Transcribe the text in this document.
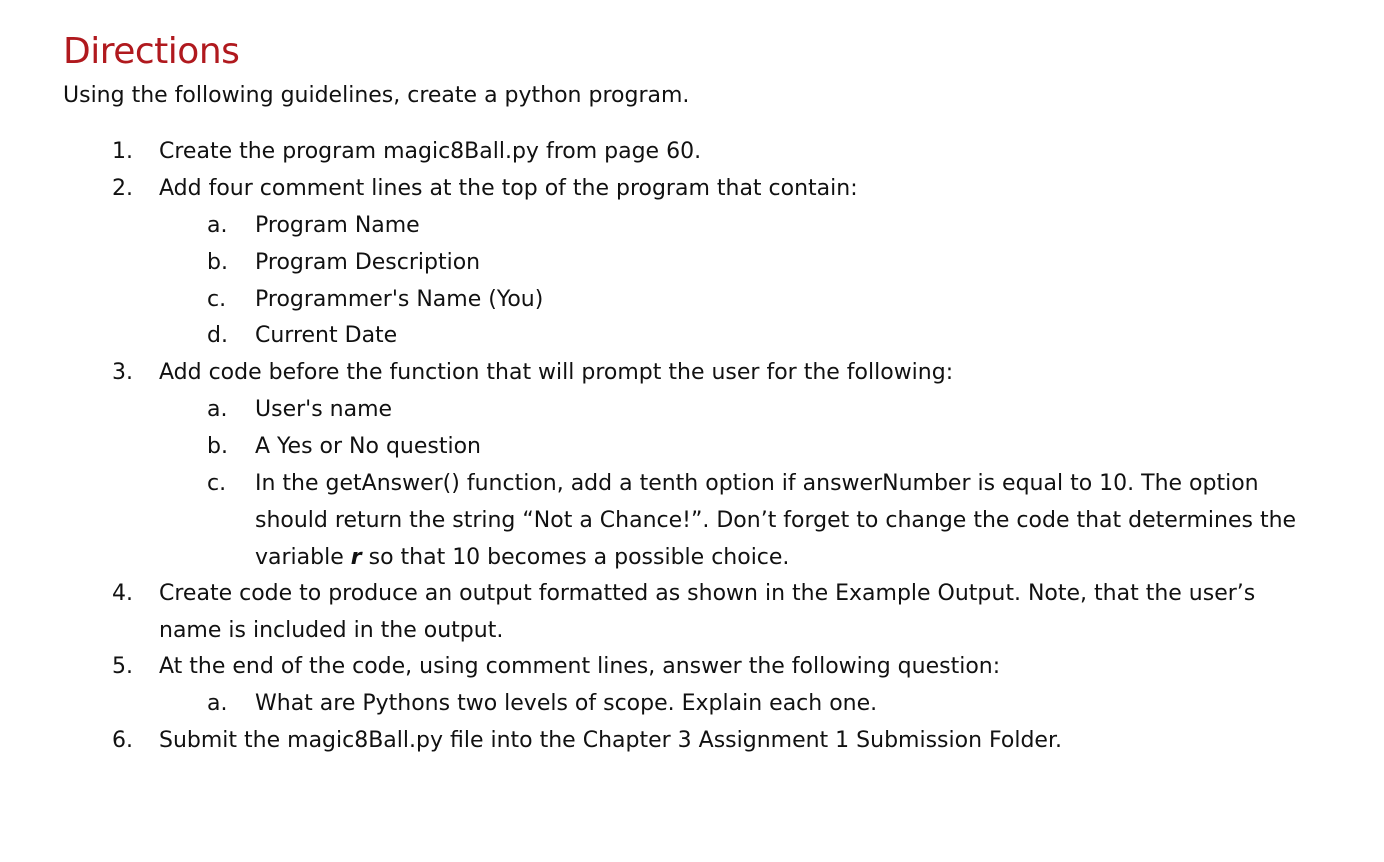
Directions
Using the following guidelines, create a python program.
1. Create the program magic8Ball.py from page 60.
2. Add four comment lines at the top of the program that contain:
a. Program Name
b. Program Description
c. Programmer's Name (You)
d. Current Date
3. Add code before the function that will prompt the user for the following:
a. User's name
b. A Yes or No question
c. In the getAnswer() function, add a tenth option if answerNumber is equal to 10. The option should return the string “Not a Chance!”. Don’t forget to change the code that determines the variable r so that 10 becomes a possible choice.
4. Create code to produce an output formatted as shown in the Example Output. Note, that the user’s name is included in the output.
5. At the end of the code, using comment lines, answer the following question:
a. What are Pythons two levels of scope. Explain each one.
6. Submit the magic8Ball.py file into the Chapter 3 Assignment 1 Submission Folder.
